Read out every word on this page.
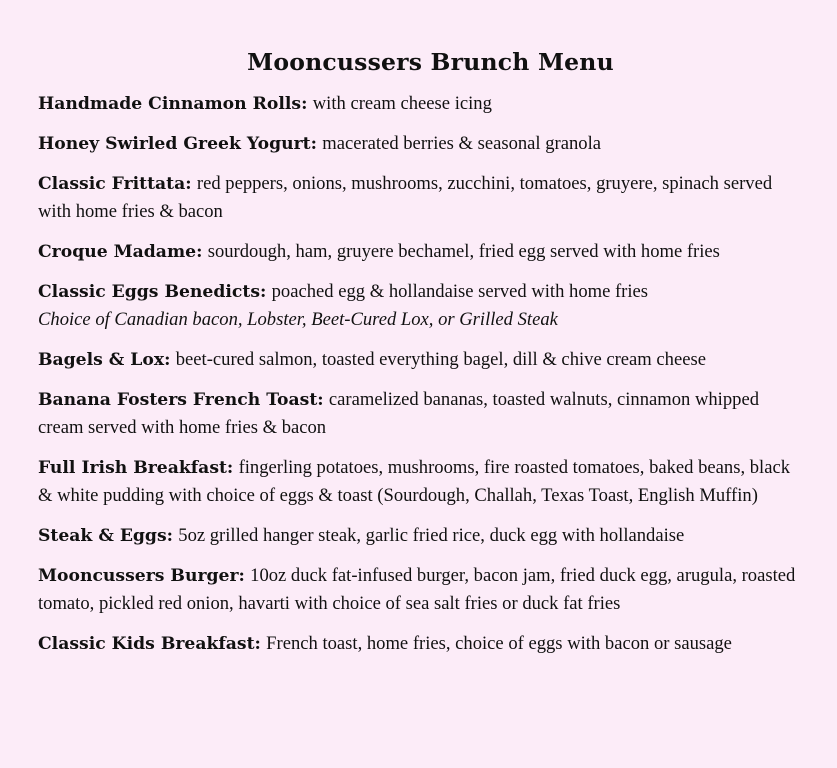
Mooncussers Brunch Menu
Handmade Cinnamon Rolls: with cream cheese icing
Honey Swirled Greek Yogurt: macerated berries & seasonal granola
Classic Frittata: red peppers, onions, mushrooms, zucchini, tomatoes, gruyere, spinach served with home fries & bacon
Croque Madame: sourdough, ham, gruyere bechamel, fried egg served with home fries
Classic Eggs Benedicts: poached egg & hollandaise served with home fries
Choice of Canadian bacon, Lobster, Beet-Cured Lox, or Grilled Steak
Bagels & Lox: beet-cured salmon, toasted everything bagel, dill & chive cream cheese
Banana Fosters French Toast: caramelized bananas, toasted walnuts, cinnamon whipped cream served with home fries & bacon
Full Irish Breakfast: fingerling potatoes, mushrooms, fire roasted tomatoes, baked beans, black & white pudding with choice of eggs & toast (Sourdough, Challah, Texas Toast, English Muffin)
Steak & Eggs: 5oz grilled hanger steak, garlic fried rice, duck egg with hollandaise
Mooncussers Burger: 10oz duck fat-infused burger, bacon jam, fried duck egg, arugula, roasted tomato, pickled red onion, havarti with choice of sea salt fries or duck fat fries
Classic Kids Breakfast: French toast, home fries, choice of eggs with bacon or sausage
